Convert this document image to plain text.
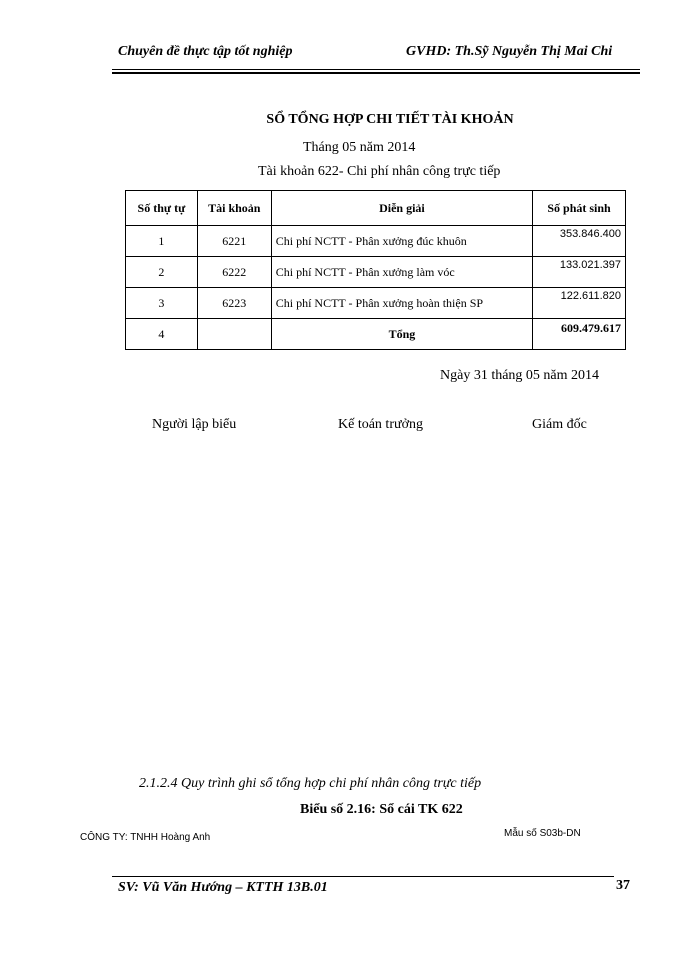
Chuyên đề thực tập tốt nghiệp	GVHD: Th.Sỹ Nguyễn Thị Mai Chi
SỔ TỔNG HỢP CHI TIẾT TÀI KHOẢN
Tháng 05 năm 2014
Tài khoản 622- Chi phí nhân công trực tiếp
Số thự tự	Tài khoản	Diễn giải	Số phát sinh
1	6221	Chi phí NCTT - Phân xưởng đúc khuôn	353.846.400
2	6222	Chi phí NCTT - Phân xưởng làm vóc	133.021.397
3	6223	Chi phí NCTT - Phân xưởng hoàn thiện SP	122.611.820
4		Tổng	609.479.617
Ngày 31 tháng 05 năm 2014
Người lập biểu	Kế toán trưởng	Giám đốc
2.1.2.4 Quy trình ghi sổ tổng hợp chi phí nhân công trực tiếp
Biểu số 2.16: Sổ cái TK 622
CÔNG TY: TNHH Hoàng Anh	Mẫu số S03b-DN
SV: Vũ Văn Hướng – KTTH 13B.01	37
